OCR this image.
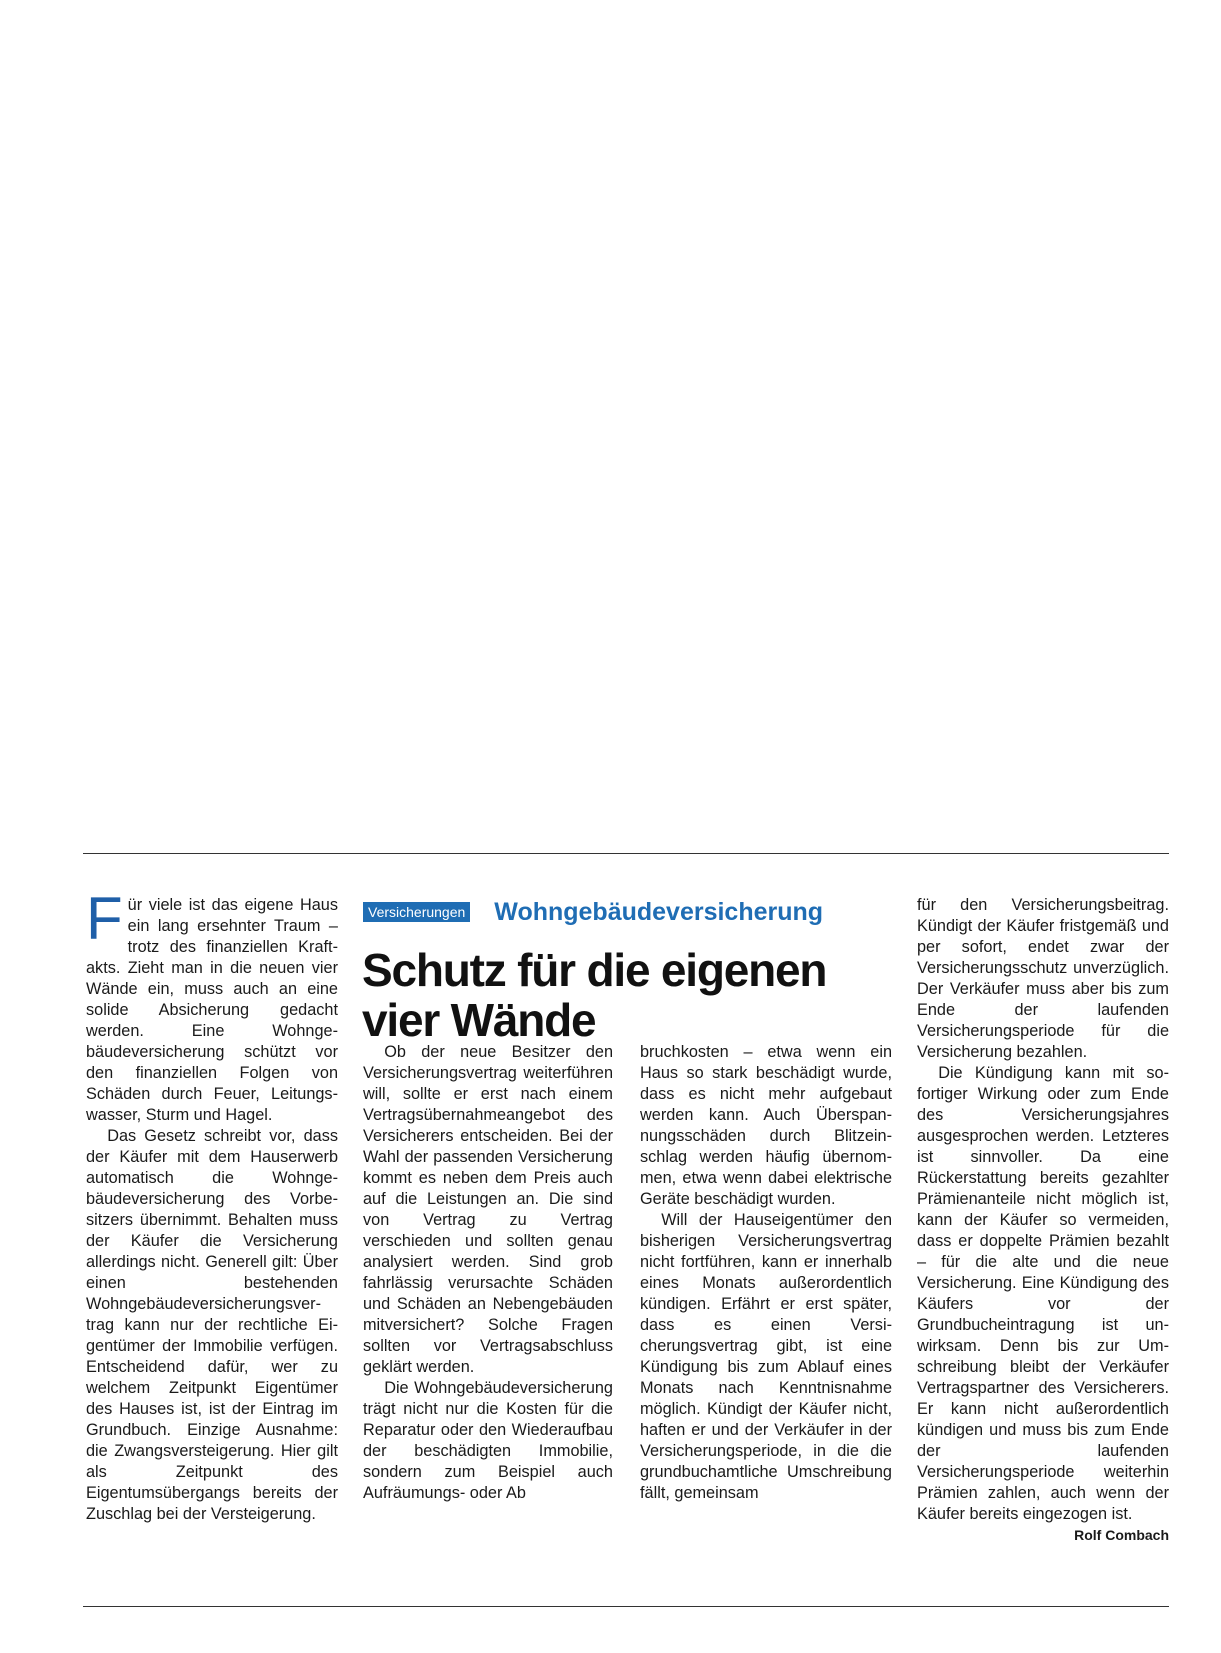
F ür viele ist das eigene Haus ein lang ersehnter Traum – trotz des finanziellen Kraftakts. Zieht man in die neuen vier Wände ein, muss auch an eine solide Absicherung gedacht werden. Eine Wohngebäudeversicherung schützt vor den finanziellen Folgen von Schäden durch Feuer, Leitungswasser, Sturm und Hagel.

Das Gesetz schreibt vor, dass der Käufer mit dem Hauserwerb automatisch die Wohngebäudeversicherung des Vorbesitzers übernimmt. Behalten muss der Käufer die Versicherung allerdings nicht. Generell gilt: Über einen bestehenden Wohngebäudeversicherungsvertrag kann nur der rechtliche Eigentümer der Immobilie verfügen. Entscheidend dafür, wer zu welchem Zeitpunkt Eigentümer des Hauses ist, ist der Eintrag im Grundbuch. Einzige Ausnahme: die Zwangsversteigerung. Hier gilt als Zeitpunkt des Eigentumsübergangs bereits der Zuschlag bei der Versteigerung.

Versicherungen Wohngebäudeversicherung
Schutz für die eigenen
vier Wände

Ob der neue Besitzer den Versicherungsvertrag weiterführen will, sollte er erst nach einem Vertragsübernahmeangebot des Versicherers entscheiden. Bei der Wahl der passenden Versicherung kommt es neben dem Preis auch auf die Leistungen an. Die sind von Vertrag zu Vertrag verschieden und sollten genau analysiert werden. Sind grob fahrlässig verursachte Schäden und Schäden an Nebengebäuden mitversichert? Solche Fragen sollten vor Vertragsabschluss geklärt werden.

Die Wohngebäudeversicherung trägt nicht nur die Kosten für die Reparatur oder den Wiederaufbau der beschädigten Immobilie, sondern zum Beispiel auch Aufräumungs- oder Ab

bruchkosten – etwa wenn ein Haus so stark beschädigt wurde, dass es nicht mehr aufgebaut werden kann. Auch Überspannungsschäden durch Blitzeinschlag werden häufig übernommen, etwa wenn dabei elektrische Geräte beschädigt wurden.

Will der Hauseigentümer den bisherigen Versicherungsvertrag nicht fortführen, kann er innerhalb eines Monats außerordentlich kündigen. Erfährt er erst später, dass es einen Versicherungsvertrag gibt, ist eine Kündigung bis zum Ablauf eines Monats nach Kenntnisnahme möglich. Kündigt der Käufer nicht, haften er und der Verkäufer in der Versicherungsperiode, in die die grundbuchamtliche Umschreibung fällt, gemeinsam

für den Versicherungsbeitrag. Kündigt der Käufer fristgemäß und per sofort, endet zwar der Versicherungsschutz unverzüglich. Der Verkäufer muss aber bis zum Ende der laufenden Versicherungsperiode für die Versicherung bezahlen.

Die Kündigung kann mit sofortiger Wirkung oder zum Ende des Versicherungsjahres ausgesprochen werden. Letzteres ist sinnvoller. Da eine Rückerstattung bereits gezahlter Prämienanteile nicht möglich ist, kann der Käufer so vermeiden, dass er doppelte Prämien bezahlt – für die alte und die neue Versicherung. Eine Kündigung des Käufers vor der Grundbucheintragung ist unwirksam. Denn bis zur Umschreibung bleibt der Verkäufer Vertragspartner des Versicherers. Er kann nicht außerordentlich kündigen und muss bis zum Ende der laufenden Versicherungsperiode weiterhin Prämien zahlen, auch wenn der Käufer bereits eingezogen ist.
Rolf Combach
